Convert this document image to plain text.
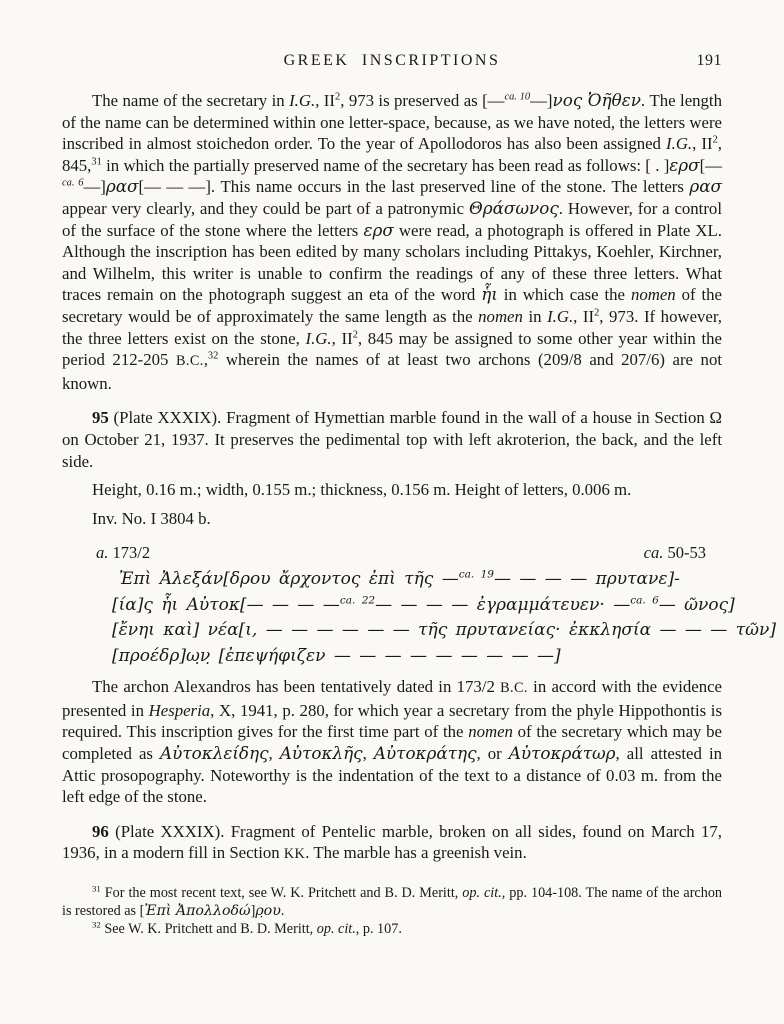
GREEK INSCRIPTIONS	191

The name of the secretary in I.G., $II^2$, 973 is preserved as [—$^{ca. 10}$—]νος Ὀῆθεν. The length of the name can be determined within one letter-space, because, as we have noted, the letters were inscribed in almost stoichedon order. To the year of Apollodoros has also been assigned I.G., $II^2$, 845,31 in which the partially preserved name of the secretary has been read as follows: [ . ]ερσ[—$^{ca. 6}$—]ρασ[— — —]. This name occurs in the last preserved line of the stone. The letters ρασ appear very clearly, and they could be part of a patronymic Θράσωνος. However, for a control of the surface of the stone where the letters ερσ were read, a photograph is offered in Plate XL. Although the inscription has been edited by many scholars including Pittakys, Koehler, Kirchner, and Wilhelm, this writer is unable to confirm the readings of any of these three letters. What traces remain on the photograph suggest an eta of the word ἧ̣ι in which case the nomen of the secretary would be of approximately the same length as the nomen in I.G., $II^2$, 973. If however, the three letters exist on the stone, I.G., $II^2$, 845 may be assigned to some other year within the period 212-205 B.C.,$^{32}$ wherein the names of at least two archons (209/8 and 207/6) are not known.

95 (Plate XXXIX). Fragment of Hymettian marble found in the wall of a house in Section Ω on October 21, 1937. It preserves the pedimental top with left akroterion, the back, and the left side.

Height, 0.16 m.; width, 0.155 m.; thickness, 0.156 m. Height of letters, 0.006 m.

Inv. No. I 3804 b.

a. 173/2	ca. 50-53
Ἐπὶ Ἀλεξάν[δρου ἄρχοντος ἐπὶ τῆς —$^{ca. 19}$— — — — πρυτανε]-
[ία]ς̣ ἧ̣ι Αὐτοκ[— — — —$^{ca. 22}$— — — — ἐγραμμάτευεν· —$^{ca. 6}$— ῶνος]
[ἔνηι καὶ] νέα[ι, — — — — — — τῆς πρυτανείας· ἐκκλησία — — — τῶν]
[προέδρ]ω̣ν̣ [ἐπεψήφιζεν — — — — — — — — —]

The archon Alexandros has been tentatively dated in 173/2 B.C. in accord with the evidence presented in Hesperia, X, 1941, p. 280, for which year a secretary from the phyle Hippothontis is required. This inscription gives for the first time part of the nomen of the secretary which may be completed as Αὐτοκλείδης, Αὐτοκλῆς, Αὐτοκράτης, or Αὐτοκράτωρ, all attested in Attic prosopography. Noteworthy is the indentation of the text to a distance of 0.03 m. from the left edge of the stone.

96 (Plate XXXIX). Fragment of Pentelic marble, broken on all sides, found on March 17, 1936, in a modern fill in Section KK. The marble has a greenish vein.

$^{31}$ For the most recent text, see W. K. Pritchett and B. D. Meritt, op. cit., pp. 104-108. The name of the archon is restored as [Ἐπὶ Ἀπολλοδώ]ρ̣ου.

$^{32}$ See W. K. Pritchett and B. D. Meritt, op. cit., p. 107.
